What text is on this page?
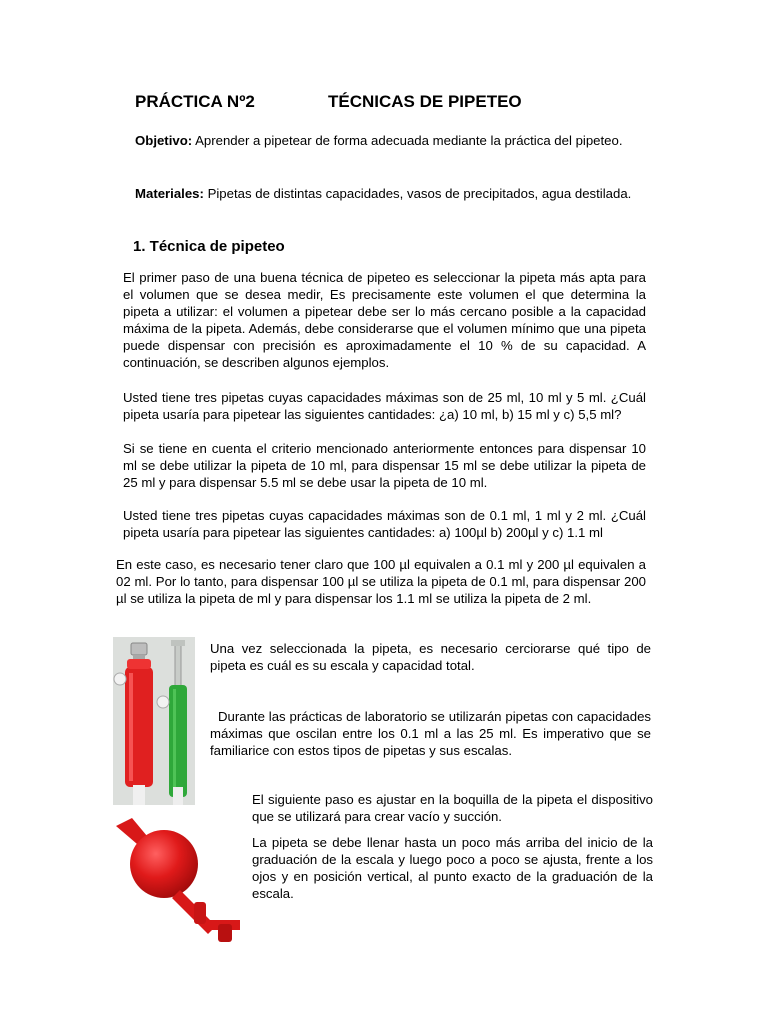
PRÁCTICA Nº2	TÉCNICAS DE PIPETEO
Objetivo: Aprender a pipetear de forma adecuada mediante la práctica del pipeteo.
Materiales: Pipetas de distintas capacidades, vasos de precipitados, agua destilada.
1. Técnica de pipeteo
El primer paso de una buena técnica de pipeteo es seleccionar la pipeta más apta para el volumen que se desea medir, Es precisamente este volumen el que determina la pipeta a utilizar: el volumen a pipetear debe ser lo más cercano posible a la capacidad máxima de la pipeta. Además, debe considerarse que el volumen mínimo que una pipeta puede dispensar con precisión es aproximadamente el 10 % de su capacidad. A continuación, se describen algunos ejemplos.
Usted tiene tres pipetas cuyas capacidades máximas son de 25 ml, 10 ml y 5 ml. ¿Cuál pipeta usaría para pipetear las siguientes cantidades: ¿a) 10 ml, b) 15 ml y c) 5,5 ml?
Si se tiene en cuenta el criterio mencionado anteriormente entonces para dispensar 10 ml se debe utilizar la pipeta de 10 ml, para dispensar 15 ml se debe utilizar la pipeta de 25 ml y para dispensar 5.5 ml se debe usar la pipeta de 10 ml.
Usted tiene tres pipetas cuyas capacidades máximas son de 0.1 ml, 1 ml y 2 ml. ¿Cuál pipeta usaría para pipetear las siguientes cantidades: a) 100µl b) 200µl y c) 1.1 ml
En este caso, es necesario tener claro que 100 µl equivalen a 0.1 ml y 200 µl equivalen a 02 ml. Por lo tanto, para dispensar 100 µl se utiliza la pipeta de 0.1 ml, para dispensar 200 µl se utiliza la pipeta de ml y para dispensar los 1.1 ml se utiliza la pipeta de 2 ml.
Una vez seleccionada la pipeta, es necesario cerciorarse qué tipo de pipeta es cuál es su escala y capacidad total.
Durante las prácticas de laboratorio se utilizarán pipetas con capacidades máximas que oscilan entre los 0.1 ml a las 25 ml. Es imperativo que se familiarice con estos tipos de pipetas y sus escalas.
El siguiente paso es ajustar en la boquilla de la pipeta el dispositivo que se utilizará para crear vacío y succión.
La pipeta se debe llenar hasta un poco más arriba del inicio de la graduación de la escala y luego poco a poco se ajusta, frente a los ojos y en posición vertical, al punto exacto de la graduación de la escala.
